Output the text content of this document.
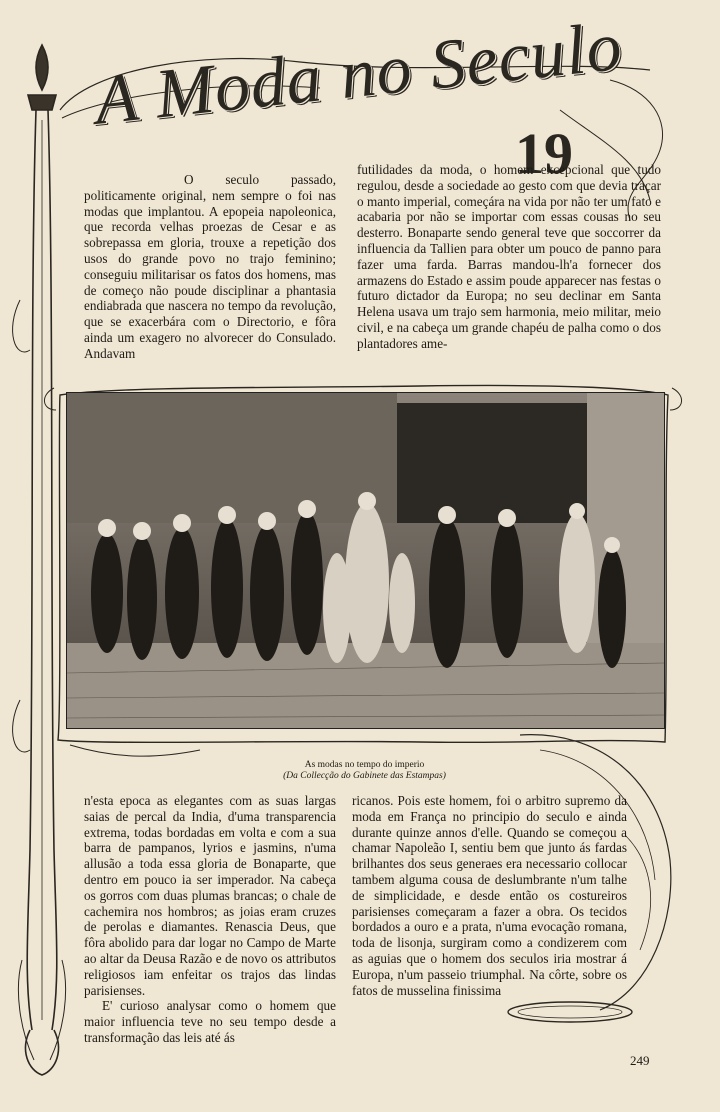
A Moda no Seculo
19

O seculo passado, politicamente original, nem sempre o foi nas modas que implantou. A epopeia napoleonica, que recorda velhas proezas de Cesar e as sobrepassa em gloria, trouxe a repetição dos usos do grande povo no trajo feminino; conseguiu militarisar os fatos dos homens, mas de começo não poude disciplinar a phantasia endiabrada que nascera no tempo da revolução, que se exacerbára com o Directorio, e fôra ainda um exagero no alvorecer do Consulado. Andavam

futilidades da moda, o homem excepcional que tudo regulou, desde a sociedade ao gesto com que devia traçar o manto imperial, começára na vida por não ter um fato e acabaria por não se importar com essas cousas no seu desterro. Bonaparte sendo general teve que soccorrer da influencia da Tallien para obter um pouco de panno para fazer uma farda. Barras mandou-lh'a fornecer dos armazens do Estado e assim poude apparecer nas festas o futuro dictador da Europa; no seu declinar em Santa Helena usava um trajo sem harmonia, meio militar, meio civil, e na cabeça um grande chapéu de palha como o dos plantadores ame-

As modas no tempo do imperio
(Da Collecção do Gabinete das Estampas)

n'esta epoca as elegantes com as suas largas saias de percal da India, d'uma transparencia extrema, todas bordadas em volta e com a sua barra de pampanos, lyrios e jasmins, n'uma allusão a toda essa gloria de Bonaparte, que dentro em pouco ia ser imperador. Na cabeça os gorros com duas plumas brancas; o chale de cachemira nos hombros; as joias eram cruzes de perolas e diamantes. Renascia Deus, que fôra abolido para dar logar no Campo de Marte ao altar da Deusa Razão e de novo os attributos religiosos iam enfeitar os trajos das lindas parisienses.

E' curioso analysar como o homem que maior influencia teve no seu tempo desde a transformação das leis até ás

ricanos. Pois este homem, foi o arbitro supremo da moda em França no principio do seculo e ainda durante quinze annos d'elle. Quando se começou a chamar Napoleão I, sentiu bem que junto ás fardas brilhantes dos seus generaes era necessario collocar tambem alguma cousa de deslumbrante n'um talhe de simplicidade, e desde então os costureiros parisienses começaram a fazer a obra. Os tecidos bordados a ouro e a prata, n'uma evocação romana, toda de lisonja, surgiram como a condizerem com as aguias que o homem dos seculos iria mostrar á Europa, n'um passeio triumphal. Na côrte, sobre os fatos de musselina finissima

249
